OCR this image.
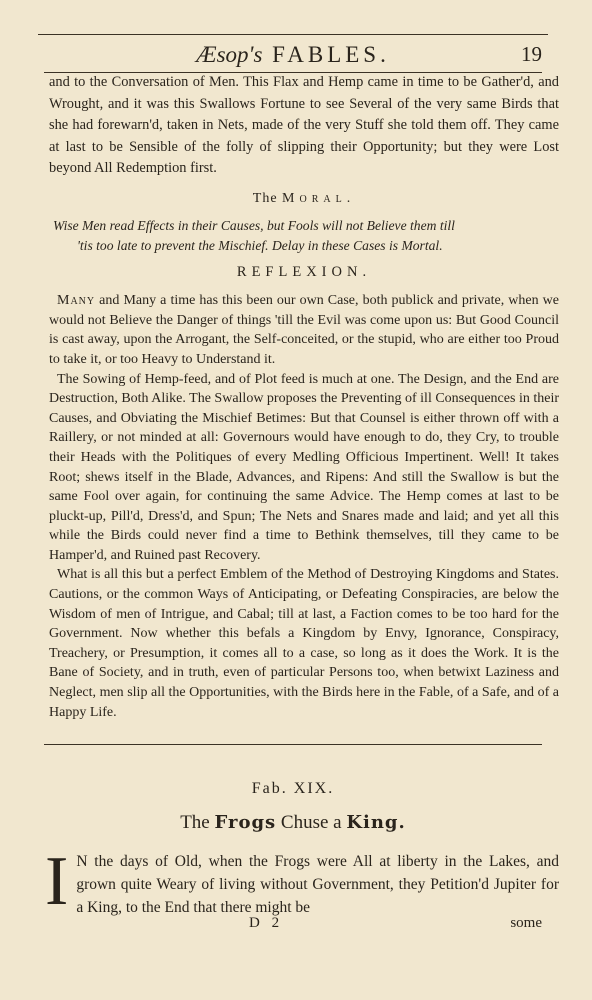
Æsop's FABLES.	19

and to the Conversation of Men. This Flax and Hemp came in time to be Gather'd, and Wrought, and it was this Swallows Fortune to see Several of the very same Birds that she had forewarn'd, taken in Nets, made of the very Stuff she told them off. They came at last to be Sensible of the folly of slipping their Opportunity; but they were Lost beyond All Redemption first.

The Moral.
Wise Men read Effects in their Causes, but Fools will not Believe them till
'tis too late to prevent the Mischief. Delay in these Cases is Mortal.
REFLEXION.

Many and Many a time has this been our own Case, both publick and private, when we would not Believe the Danger of things 'till the Evil was come upon us: But Good Council is cast away, upon the Arrogant, the Self-conceited, or the stupid, who are either too Proud to take it, or too Heavy to Understand it.

The Sowing of Hemp-feed, and of Plot feed is much at one. The Design, and the End are Destruction, Both Alike. The Swallow proposes the Preventing of ill Consequences in their Causes, and Obviating the Mischief Betimes: But that Counsel is either thrown off with a Raillery, or not minded at all: Governours would have enough to do, they Cry, to trouble their Heads with the Politiques of every Medling Officious Impertinent. Well! It takes Root; shews itself in the Blade, Advances, and Ripens: And still the Swallow is but the same Fool over again, for continuing the same Advice. The Hemp comes at last to be pluckt-up, Pill'd, Dress'd, and Spun; The Nets and Snares made and laid; and yet all this while the Birds could never find a time to Bethink themselves, till they came to be Hamper'd, and Ruined past Recovery.

What is all this but a perfect Emblem of the Method of Destroying Kingdoms and States. Cautions, or the common Ways of Anticipating, or Defeating Conspiracies, are below the Wisdom of men of Intrigue, and Cabal; till at last, a Faction comes to be too hard for the Government. Now whether this befals a Kingdom by Envy, Ignorance, Conspiracy, Treachery, or Presumption, it comes all to a case, so long as it does the Work. It is the Bane of Society, and in truth, even of particular Persons too, when betwixt Laziness and Neglect, men slip all the Opportunities, with the Birds here in the Fable, of a Safe, and of a Happy Life.

Fab. XIX.
The Frogs Chuse a King.
I N the days of Old, when the Frogs were All at liberty in the Lakes, and grown quite Weary of living without Government, they Petition'd Jupiter for a King, to the End that there might be
D 2	some
